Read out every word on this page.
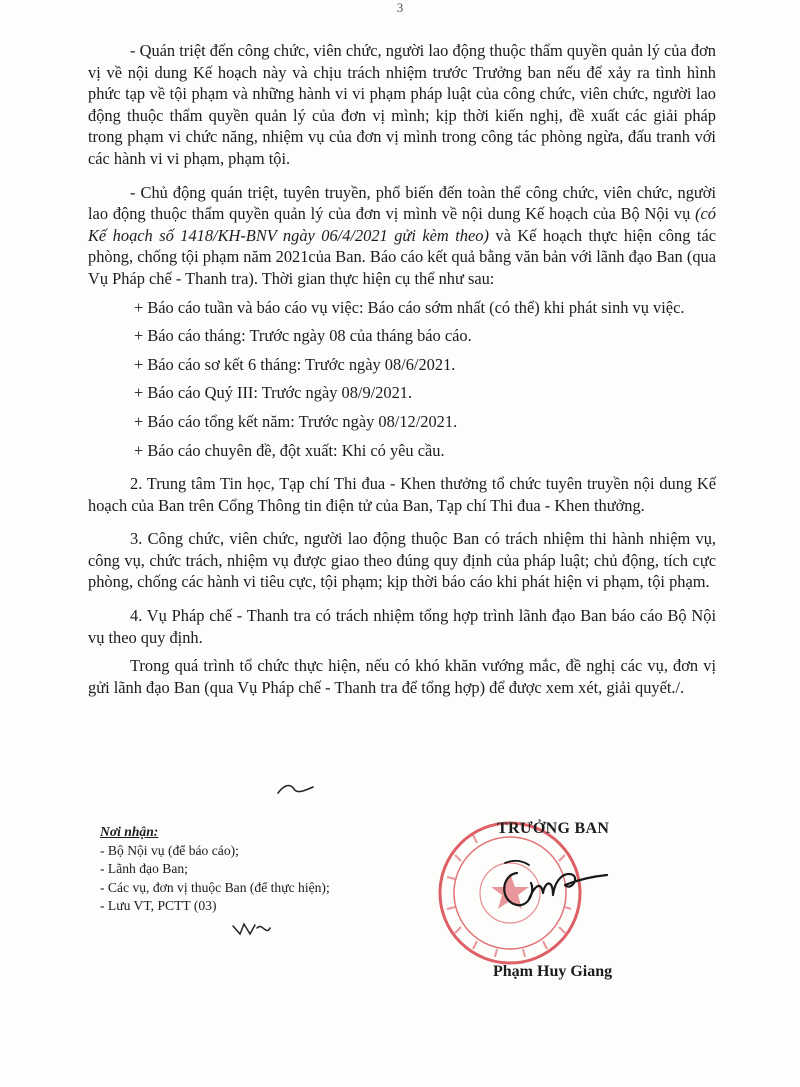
3

- Quán triệt đến công chức, viên chức, người lao động thuộc thẩm quyền quản lý của đơn vị về nội dung Kế hoạch này và chịu trách nhiệm trước Trưởng ban nếu để xảy ra tình hình phức tạp về tội phạm và những hành vi vi phạm pháp luật của công chức, viên chức, người lao động thuộc thẩm quyền quản lý của đơn vị mình; kịp thời kiến nghị, đề xuất các giải pháp trong phạm vi chức năng, nhiệm vụ của đơn vị mình trong công tác phòng ngừa, đấu tranh với các hành vi vi phạm, phạm tội.

- Chủ động quán triệt, tuyên truyền, phổ biến đến toàn thể công chức, viên chức, người lao động thuộc thẩm quyền quản lý của đơn vị mình về nội dung Kế hoạch của Bộ Nội vụ (có Kế hoạch số 1418/KH-BNV ngày 06/4/2021 gửi kèm theo) và Kế hoạch thực hiện công tác phòng, chống tội phạm năm 2021của Ban. Báo cáo kết quả bằng văn bản với lãnh đạo Ban (qua Vụ Pháp chế - Thanh tra). Thời gian thực hiện cụ thể như sau:

+ Báo cáo tuần và báo cáo vụ việc: Báo cáo sớm nhất (có thể) khi phát sinh vụ việc.

+ Báo cáo tháng: Trước ngày 08 của tháng báo cáo.

+ Báo cáo sơ kết 6 tháng: Trước ngày 08/6/2021.

+ Báo cáo Quý III: Trước ngày 08/9/2021.

+ Báo cáo tổng kết năm: Trước ngày 08/12/2021.

+ Báo cáo chuyên đề, đột xuất: Khi có yêu cầu.

2. Trung tâm Tin học, Tạp chí Thi đua - Khen thưởng tổ chức tuyên truyền nội dung Kế hoạch của Ban trên Cổng Thông tin điện tử của Ban, Tạp chí Thi đua - Khen thưởng.

3. Công chức, viên chức, người lao động thuộc Ban có trách nhiệm thi hành nhiệm vụ, công vụ, chức trách, nhiệm vụ được giao theo đúng quy định của pháp luật; chủ động, tích cực phòng, chống các hành vi tiêu cực, tội phạm; kịp thời báo cáo khi phát hiện vi phạm, tội phạm.

4. Vụ Pháp chế - Thanh tra có trách nhiệm tổng hợp trình lãnh đạo Ban báo cáo Bộ Nội vụ theo quy định.

Trong quá trình tổ chức thực hiện, nếu có khó khăn vướng mắc, đề nghị các vụ, đơn vị gửi lãnh đạo Ban (qua Vụ Pháp chế - Thanh tra để tổng hợp) để được xem xét, giải quyết./.

Nơi nhận:

- Bộ Nội vụ (để báo cáo);

- Lãnh đạo Ban;

- Các vụ, đơn vị thuộc Ban (để thực hiện);

- Lưu VT, PCTT (03)

TRƯỞNG BAN
Phạm Huy Giang
